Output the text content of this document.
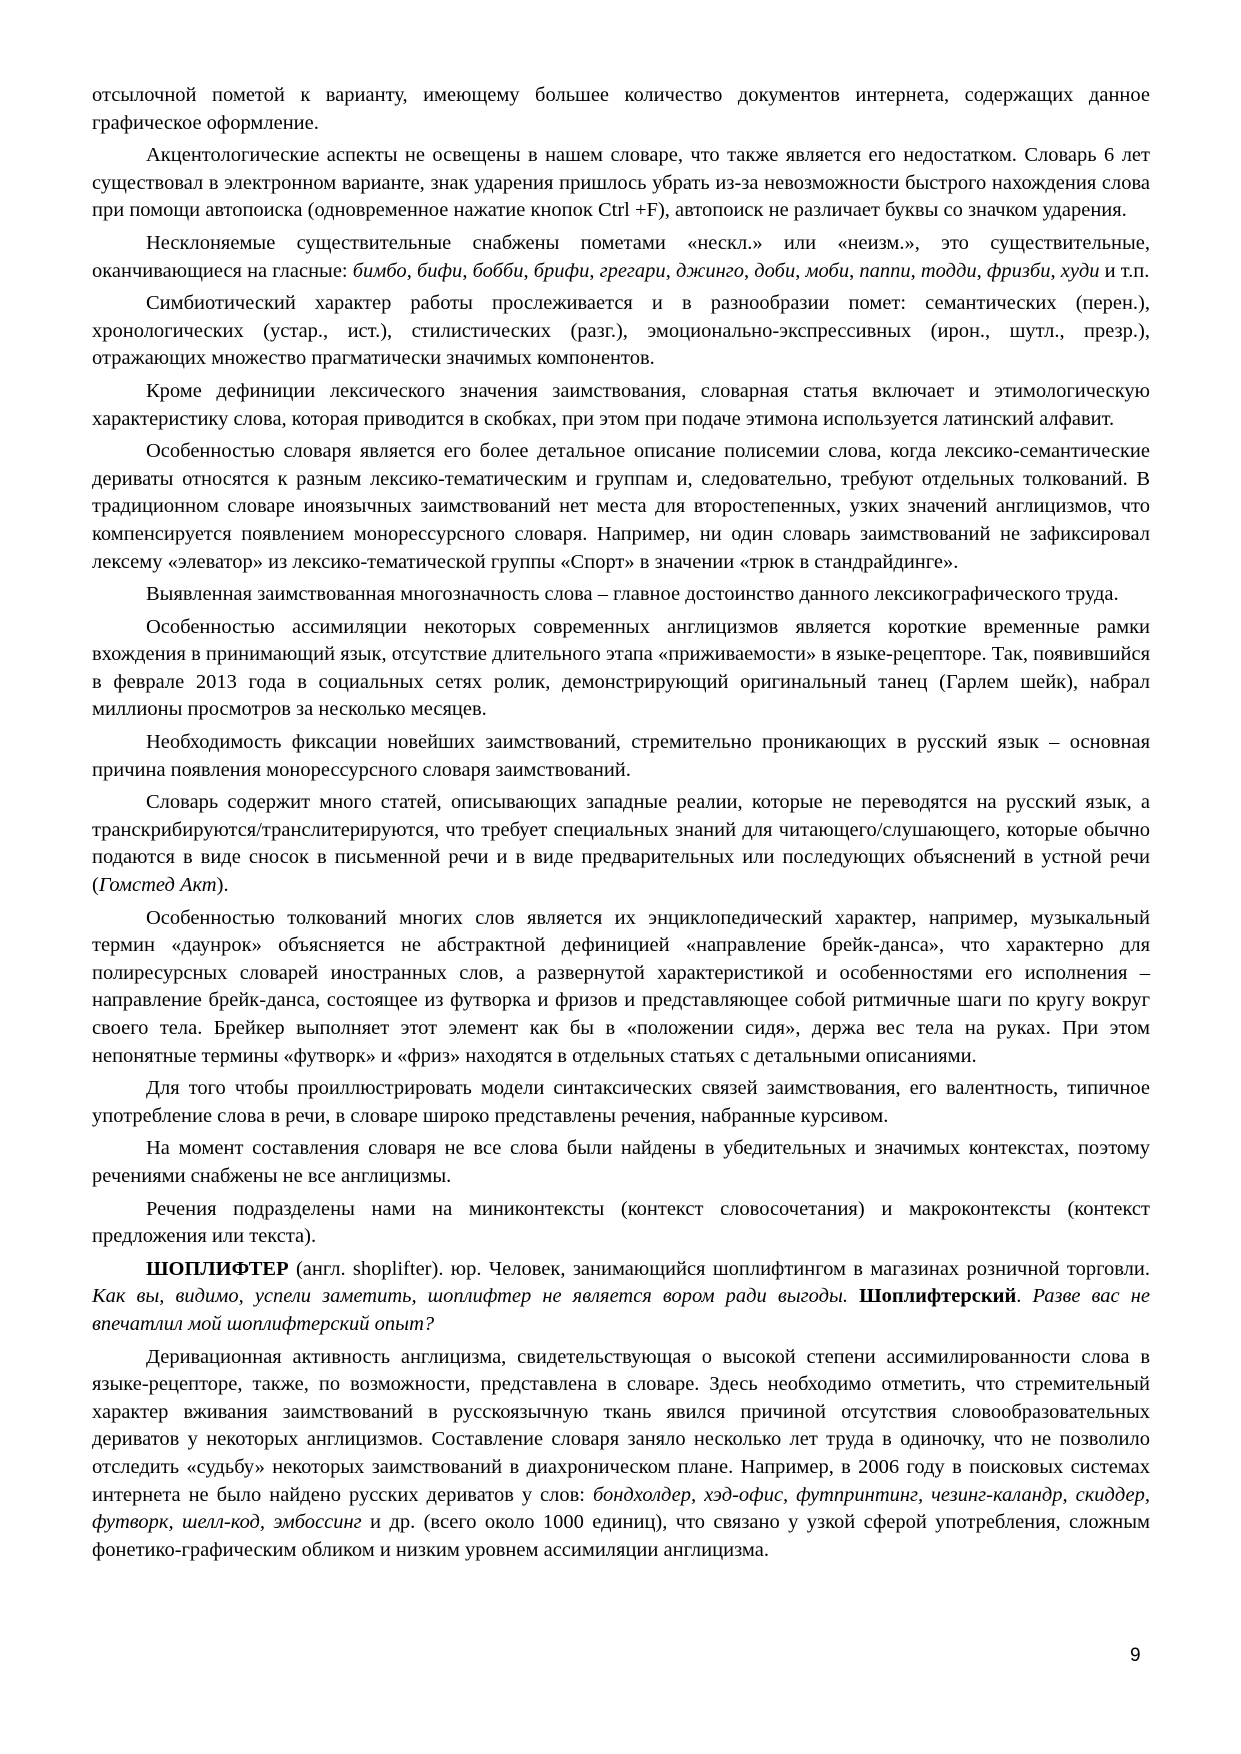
отсылочной пометой к варианту, имеющему большее количество документов интернета, содержащих данное графическое оформление.

Акцентологические аспекты не освещены в нашем словаре, что также является его недостатком. Словарь 6 лет существовал в электронном варианте, знак ударения пришлось убрать из-за невозможности быстрого нахождения слова при помощи автопоиска (одновременное нажатие кнопок Ctrl +F), автопоиск не различает буквы со значком ударения.

Несклоняемые существительные снабжены пометами «нескл.» или «неизм.», это существительные, оканчивающиеся на гласные: бимбо, бифи, бобби, брифи, грегари, джинго, доби, моби, паппи, тодди, фризби, худи и т.п.

Симбиотический характер работы прослеживается и в разнообразии помет: семантических (перен.), хронологических (устар., ист.), стилистических (разг.), эмоционально-экспрессивных (ирон., шутл., презр.), отражающих множество прагматически значимых компонентов.

Кроме дефиниции лексического значения заимствования, словарная статья включает и этимологическую характеристику слова, которая приводится в скобках, при этом при подаче этимона используется латинский алфавит.

Особенностью словаря является его более детальное описание полисемии слова, когда лексико-семантические дериваты относятся к разным лексико-тематическим и группам и, следовательно, требуют отдельных толкований. В традиционном словаре иноязычных заимствований нет места для второстепенных, узких значений англицизмов, что компенсируется появлением монорессурсного словаря. Например, ни один словарь заимствований не зафиксировал лексему «элеватор» из лексико-тематической группы «Спорт» в значении «трюк в стандрайдинге».

Выявленная заимствованная многозначность слова – главное достоинство данного лексикографического труда.

Особенностью ассимиляции некоторых современных англицизмов является короткие временные рамки вхождения в принимающий язык, отсутствие длительного этапа «приживаемости» в языке-рецепторе. Так, появившийся в феврале 2013 года в социальных сетях ролик, демонстрирующий оригинальный танец (Гарлем шейк), набрал миллионы просмотров за несколько месяцев.

Необходимость фиксации новейших заимствований, стремительно проникающих в русский язык – основная причина появления монорессурсного словаря заимствований.

Словарь содержит много статей, описывающих западные реалии, которые не переводятся на русский язык, а транскрибируются/транслитерируются, что требует специальных знаний для читающего/слушающего, которые обычно подаются в виде сносок в письменной речи и в виде предварительных или последующих объяснений в устной речи (Гомстед Акт).

Особенностью толкований многих слов является их энциклопедический характер, например, музыкальный термин «даунрок» объясняется не абстрактной дефиницией «направление брейк-данса», что характерно для полиресурсных словарей иностранных слов, а развернутой характеристикой и особенностями его исполнения – направление брейк-данса, состоящее из футворка и фризов и представляющее собой ритмичные шаги по кругу вокруг своего тела. Брейкер выполняет этот элемент как бы в «положении сидя», держа вес тела на руках. При этом непонятные термины «футворк» и «фриз» находятся в отдельных статьях с детальными описаниями.

Для того чтобы проиллюстрировать модели синтаксических связей заимствования, его валентность, типичное употребление слова в речи, в словаре широко представлены речения, набранные курсивом.

На момент составления словаря не все слова были найдены в убедительных и значимых контекстах, поэтому речениями снабжены не все англицизмы.

Речения подразделены нами на миниконтексты (контекст словосочетания) и макроконтексты (контекст предложения или текста).

ШОПЛИФТЕР (англ. shoplifter). юр. Человек, занимающийся шоплифтингом в магазинах розничной торговли. Как вы, видимо, успели заметить, шоплифтер не является вором ради выгоды. Шоплифтерский. Разве вас не впечатлил мой шоплифтерский опыт?

Деривационная активность англицизма, свидетельствующая о высокой степени ассимилированности слова в языке-рецепторе, также, по возможности, представлена в словаре. Здесь необходимо отметить, что стремительный характер вживания заимствований в русскоязычную ткань явился причиной отсутствия словообразовательных дериватов у некоторых англицизмов. Составление словаря заняло несколько лет труда в одиночку, что не позволило отследить «судьбу» некоторых заимствований в диахроническом плане. Например, в 2006 году в поисковых системах интернета не было найдено русских дериватов у слов: бондхолдер, хэд-офис, футпринтинг, чезинг-каландр, скиддер, футворк, шелл-код, эмбоссинг и др. (всего около 1000 единиц), что связано у узкой сферой употребления, сложным фонетико-графическим обликом и низким уровнем ассимиляции англицизма.

9
